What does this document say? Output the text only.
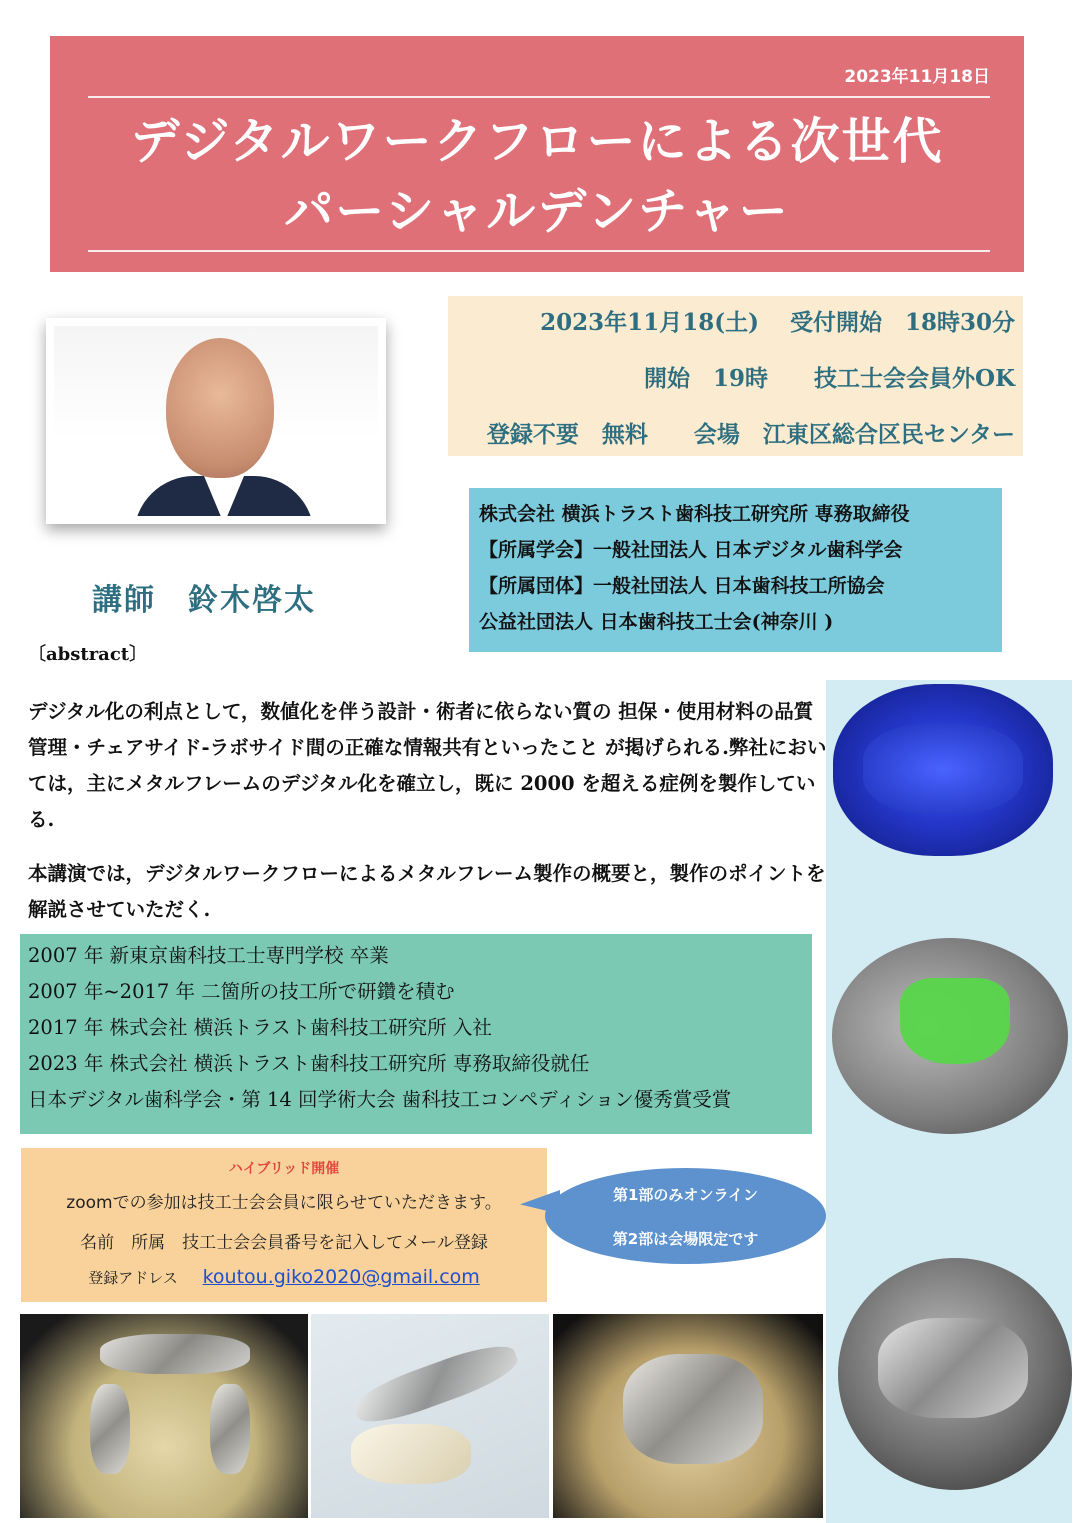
2023年11月18日
デジタルワークフローによる次世代
パーシャルデンチャー
講師　鈴木啓太
〔abstract〕
2023年11月18(土)　 受付開始　18時30分
開始　19時　　技工士会会員外OK
登録不要　無料　　会場　江東区総合区民センター
株式会社 横浜トラスト歯科技工研究所 専務取締役
【所属学会】一般社団法人 日本デジタル歯科学会
【所属団体】一般社団法人 日本歯科技工所協会
公益社団法人 日本歯科技工士会(神奈川 )

デジタル化の利点として，数値化を伴う設計・術者に依らない質の 担保・使用材料の品質管理・チェアサイド-ラボサイド間の正確な情報共有といったこと が掲げられる.弊社においては，主にメタルフレームのデジタル化を確立し，既に 2000 を超える症例を製作している.

本講演では，デジタルワークフローによるメタルフレーム製作の概要と，製作のポイントを解説させていただく.

2007 年 新東京歯科技工士専門学校 卒業
2007 年~2017 年 二箇所の技工所で研鑽を積む
2017 年 株式会社 横浜トラスト歯科技工研究所 入社
2023 年 株式会社 横浜トラスト歯科技工研究所 専務取締役就任
日本デジタル歯科学会・第 14 回学術大会 歯科技工コンペディション優秀賞受賞
ハイブリッド開催
zoomでの参加は技工士会会員に限らせていただきます。
名前　所属　技工士会会員番号を記入してメール登録
登録アドレス koutou.giko2020@gmail.com
第1部のみオンライン
第2部は会場限定です
